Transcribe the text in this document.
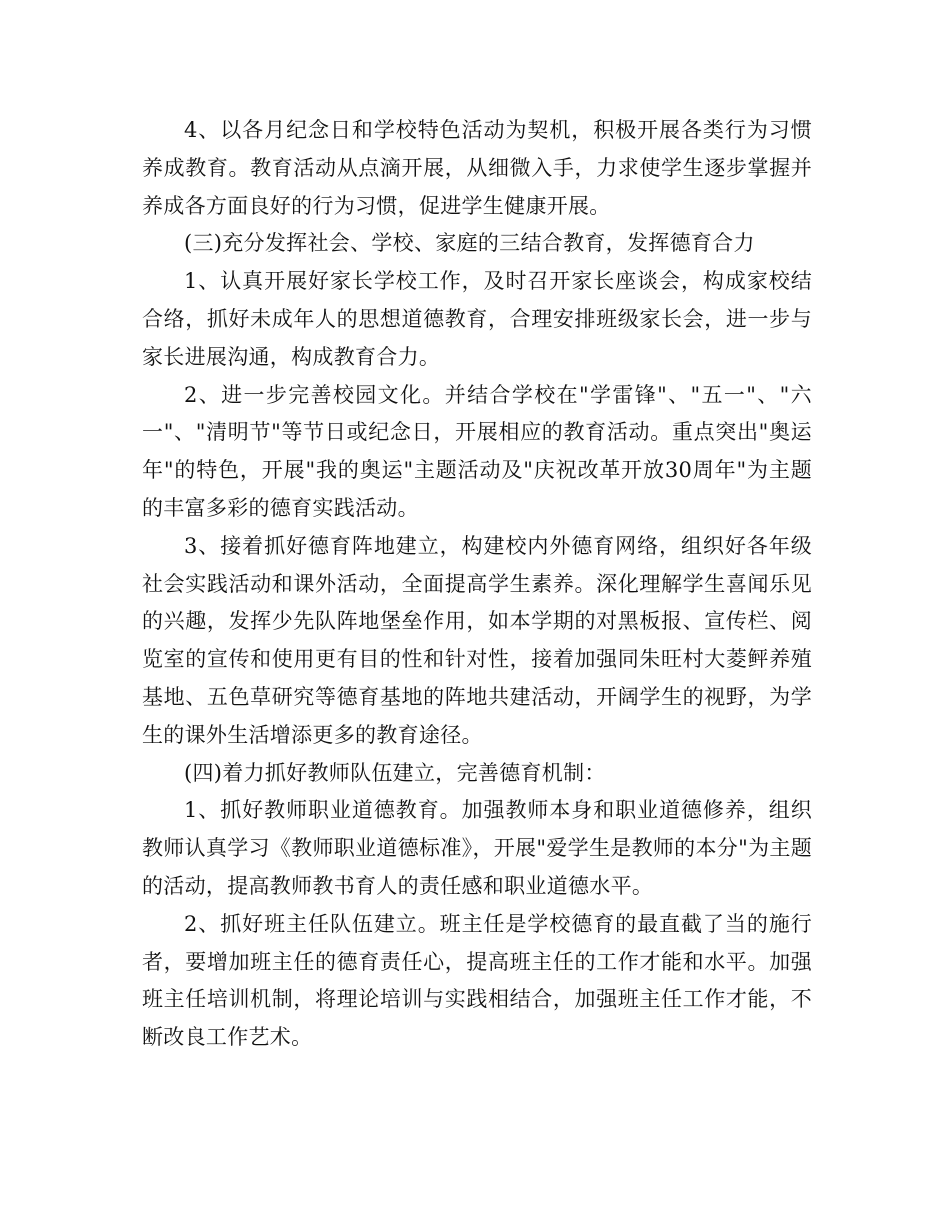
4、以各月纪念日和学校特色活动为契机，积极开展各类行为习惯养成教育。教育活动从点滴开展，从细微入手，力求使学生逐步掌握并养成各方面良好的行为习惯，促进学生健康开展。

(三)充分发挥社会、学校、家庭的三结合教育，发挥德育合力

1、认真开展好家长学校工作，及时召开家长座谈会，构成家校结合络，抓好未成年人的思想道德教育，合理安排班级家长会，进一步与家长进展沟通，构成教育合力。

2、进一步完善校园文化。并结合学校在"学雷锋"、"五一"、"六一"、"清明节"等节日或纪念日，开展相应的教育活动。重点突出"奥运年"的特色，开展"我的奥运"主题活动及"庆祝改革开放30周年"为主题的丰富多彩的德育实践活动。

3、接着抓好德育阵地建立，构建校内外德育网络，组织好各年级社会实践活动和课外活动，全面提高学生素养。深化理解学生喜闻乐见的兴趣，发挥少先队阵地堡垒作用，如本学期的对黑板报、宣传栏、阅览室的宣传和使用更有目的性和针对性，接着加强同朱旺村大菱鲆养殖基地、五色草研究等德育基地的阵地共建活动，开阔学生的视野，为学生的课外生活增添更多的教育途径。

(四)着力抓好教师队伍建立，完善德育机制：

1、抓好教师职业道德教育。加强教师本身和职业道德修养，组织教师认真学习《教师职业道德标准》，开展"爱学生是教师的本分"为主题的活动，提高教师教书育人的责任感和职业道德水平。

2、抓好班主任队伍建立。班主任是学校德育的最直截了当的施行者，要增加班主任的德育责任心，提高班主任的工作才能和水平。加强班主任培训机制，将理论培训与实践相结合，加强班主任工作才能，不断改良工作艺术。
